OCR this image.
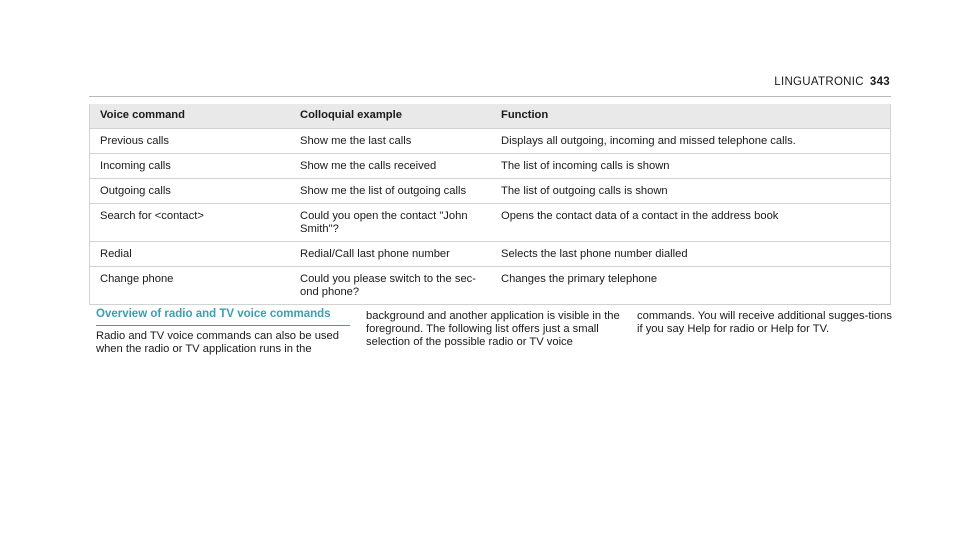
LINGUATRONIC 343
Voice command	Colloquial example	Function
Previous calls	Show me the last calls	Displays all outgoing, incoming and missed telephone calls.
Incoming calls	Show me the calls received	The list of incoming calls is shown
Outgoing calls	Show me the list of outgoing calls	The list of outgoing calls is shown
Search for <contact>	Could you open the contact "John Smith"?	Opens the contact data of a contact in the address book
Redial	Redial/Call last phone number	Selects the last phone number dialled
Change phone	Could you please switch to the sec-ond phone?	Changes the primary telephone
Overview of radio and TV voice commands
Radio and TV voice commands can also be used when the radio or TV application runs in the
background and another application is visible in the foreground. The following list offers just a small selection of the possible radio or TV voice
commands. You will receive additional sugges-tions if you say Help for radio or Help for TV.
